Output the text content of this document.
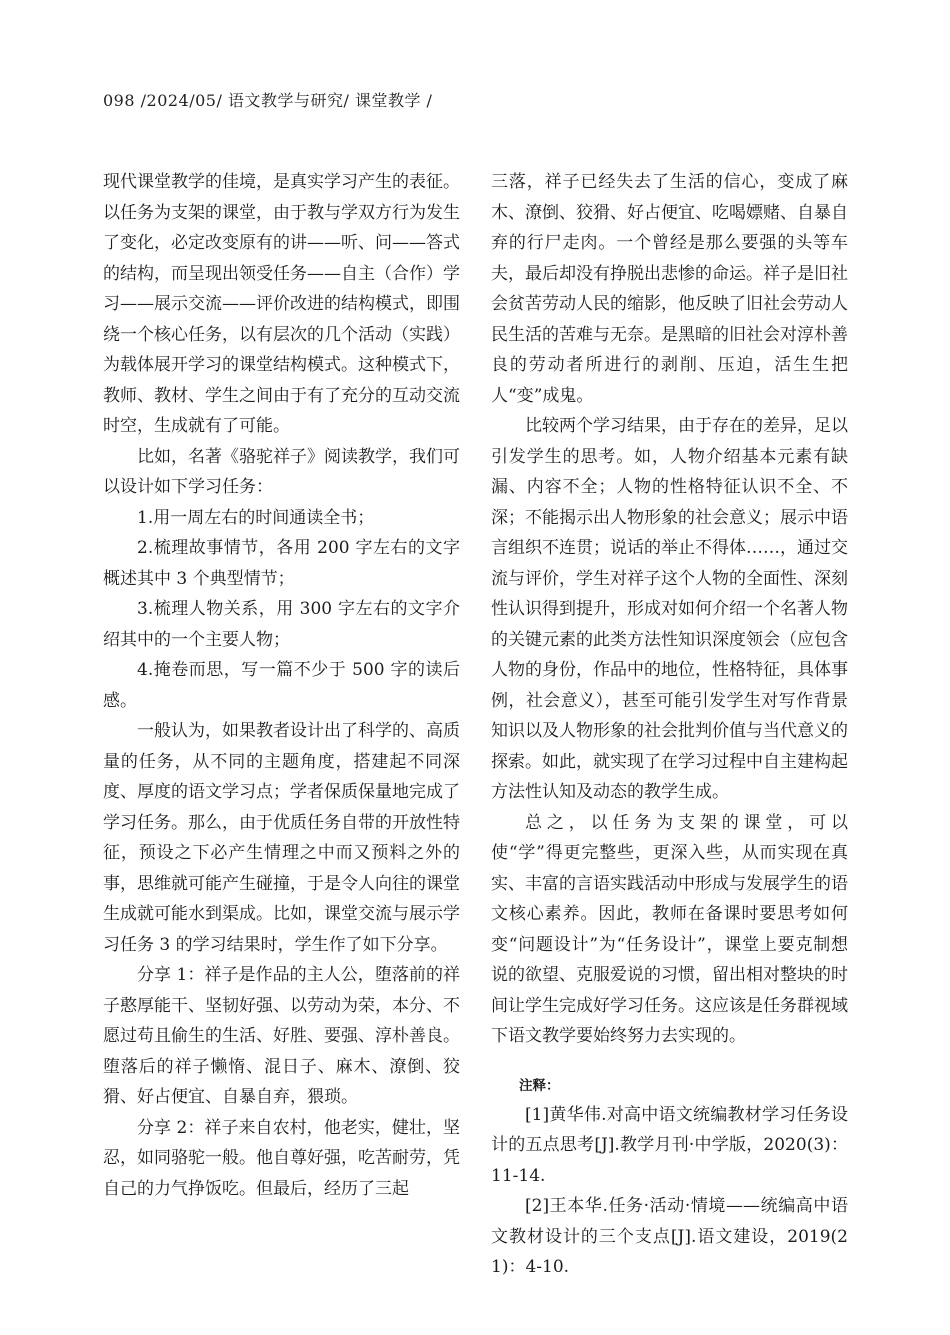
098 /2024/05/ 语文教学与研究/ 课堂教学 /

现代课堂教学的佳境，是真实学习产生的表征。以任务为支架的课堂，由于教与学双方行为发生了变化，必定改变原有的讲——听、问——答式的结构，而呈现出领受任务——自主（合作）学习——展示交流——评价改进的结构模式，即围绕一个核心任务，以有层次的几个活动（实践）为载体展开学习的课堂结构模式。这种模式下，教师、教材、学生之间由于有了充分的互动交流时空，生成就有了可能。

比如，名著《骆驼祥子》阅读教学，我们可以设计如下学习任务：

1.用一周左右的时间通读全书；

2.梳理故事情节，各用 200 字左右的文字概述其中 3 个典型情节；

3.梳理人物关系，用 300 字左右的文字介绍其中的一个主要人物；

4.掩卷而思，写一篇不少于 500 字的读后感。

一般认为，如果教者设计出了科学的、高质量的任务，从不同的主题角度，搭建起不同深度、厚度的语文学习点；学者保质保量地完成了学习任务。那么，由于优质任务自带的开放性特征，预设之下必产生情理之中而又预料之外的事，思维就可能产生碰撞，于是令人向往的课堂生成就可能水到渠成。比如，课堂交流与展示学习任务 3 的学习结果时，学生作了如下分享。

分享 1：祥子是作品的主人公，堕落前的祥子憨厚能干、坚韧好强、以劳动为荣，本分、不愿过苟且偷生的生活、好胜、要强、淳朴善良。堕落后的祥子懒惰、混日子、麻木、潦倒、狡猾、好占便宜、自暴自弃，猥琐。

分享 2：祥子来自农村，他老实，健壮，坚忍，如同骆驼一般。他自尊好强，吃苦耐劳，凭自己的力气挣饭吃。但最后，经历了三起

三落，祥子已经失去了生活的信心，变成了麻木、潦倒、狡猾、好占便宜、吃喝嫖赌、自暴自弃的行尸走肉。一个曾经是那么要强的头等车夫，最后却没有挣脱出悲惨的命运。祥子是旧社会贫苦劳动人民的缩影，他反映了旧社会劳动人民生活的苦难与无奈。是黑暗的旧社会对淳朴善良的劳动者所进行的剥削、压迫，活生生把人“变”成鬼。

比较两个学习结果，由于存在的差异，足以引发学生的思考。如，人物介绍基本元素有缺漏、内容不全；人物的性格特征认识不全、不深；不能揭示出人物形象的社会意义；展示中语言组织不连贯；说话的举止不得体……，通过交流与评价，学生对祥子这个人物的全面性、深刻性认识得到提升，形成对如何介绍一个名著人物的关键元素的此类方法性知识深度领会（应包含人物的身份，作品中的地位，性格特征，具体事例，社会意义），甚至可能引发学生对写作背景知识以及人物形象的社会批判价值与当代意义的探索。如此，就实现了在学习过程中自主建构起方法性认知及动态的教学生成。

总之，以任务为支架的课堂，可以使“学”得更完整些，更深入些，从而实现在真实、丰富的言语实践活动中形成与发展学生的语文核心素养。因此，教师在备课时要思考如何变“问题设计”为“任务设计”，课堂上要克制想说的欲望、克服爱说的习惯，留出相对整块的时间让学生完成好学习任务。这应该是任务群视域下语文教学要始终努力去实现的。

注释：

[1]黄华伟.对高中语文统编教材学习任务设计的五点思考[J].教学月刊·中学版，2020(3)：11-14.

[2]王本华.任务·活动·情境——统编高中语文教材设计的三个支点[J].语文建设，2019(21)：4-10.
